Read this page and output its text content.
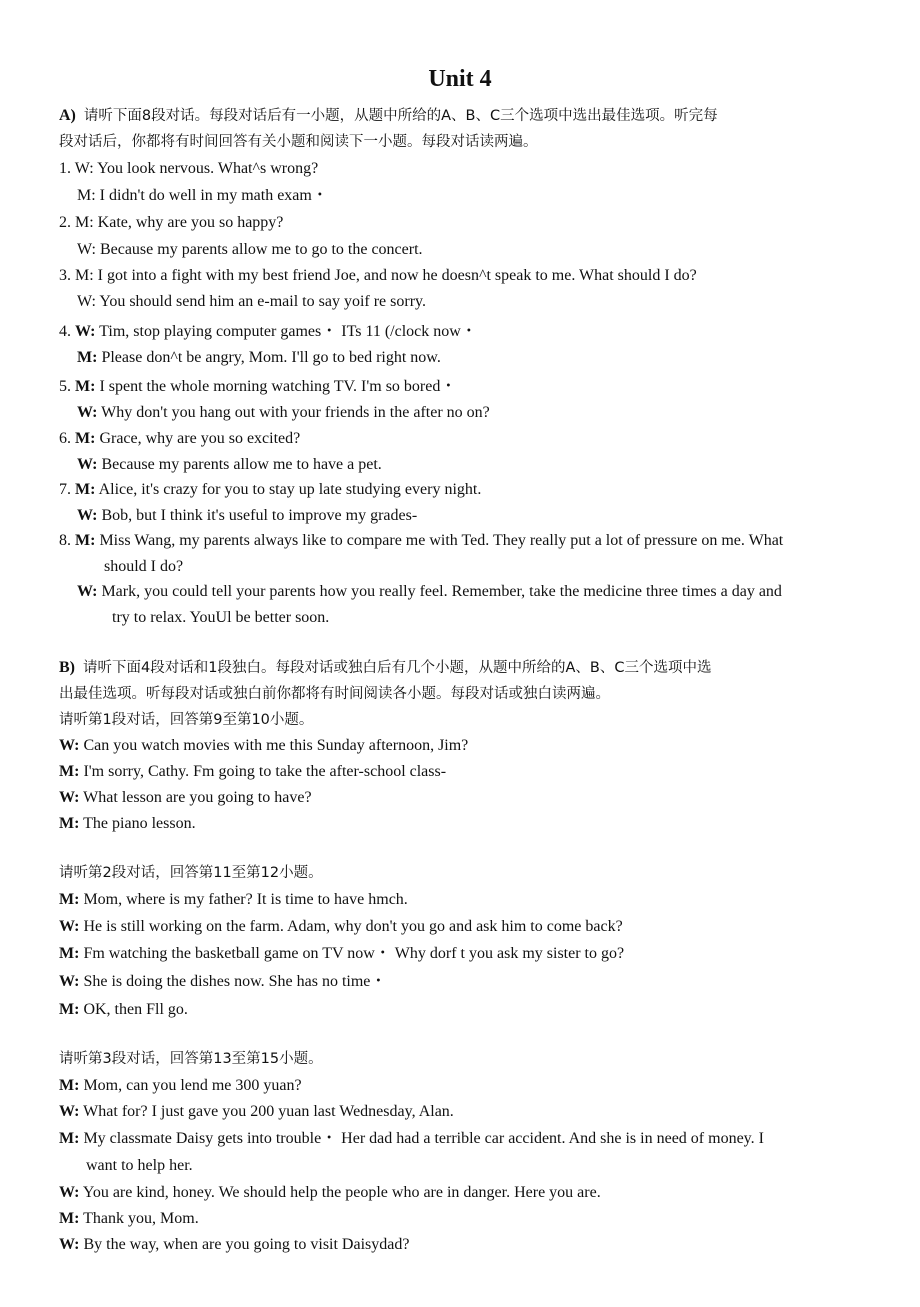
Unit 4
A) 请听下面8段对话。每段对话后有一小题，从题中所给的A、B、C三个选项中选出最佳选项。听完每
段对话后，你都将有时间回答有关小题和阅读下一小题。每段对话读两遍。
1. W: You look nervous. What^s wrong?
M: I didn't do well in my math exam・
2. M: Kate, why are you so happy?
W: Because my parents allow me to go to the concert.
3. M: I got into a fight with my best friend Joe, and now he doesn^t speak to me. What should I do?
W: You should send him an e-mail to say yoif re sorry.
4. W: Tim, stop playing computer games・ ITs 11 (/clock now・
M: Please don^t be angry, Mom. I'll go to bed right now.
5. M: I spent the whole morning watching TV. I'm so bored・
W: Why don't you hang out with your friends in the after no on?
6. M: Grace, why are you so excited?
W: Because my parents allow me to have a pet.
7. M: Alice, it's crazy for you to stay up late studying every night.
W: Bob, but I think it's useful to improve my grades-
8. M: Miss Wang, my parents always like to compare me with Ted. They really put a lot of pressure on me. What
should I do?
W: Mark, you could tell your parents how you really feel. Remember, take the medicine three times a day and
try to relax. YouUl be better soon.
B) 请听下面4段对话和1段独白。每段对话或独白后有几个小题，从题中所给的A、B、C三个选项中选
出最佳选项。听每段对话或独白前你都将有时间阅读各小题。每段对话或独白读两遍。
请听第1段对话，回答第9至第10小题。
W: Can you watch movies with me this Sunday afternoon, Jim?
M: I'm sorry, Cathy. Fm going to take the after-school class-
W: What lesson are you going to have?
M: The piano lesson.
请听第2段对话，回答第11至第12小题。
M: Mom, where is my father? It is time to have hmch.
W: He is still working on the farm. Adam, why don't you go and ask him to come back?
M: Fm watching the basketball game on TV now・ Why dorf t you ask my sister to go?
W: She is doing the dishes now. She has no time・
M: OK, then Fll go.
请听第3段对话，回答第13至第15小题。
M: Mom, can you lend me 300 yuan?
W: What for? I just gave you 200 yuan last Wednesday, Alan.
M: My classmate Daisy gets into trouble・ Her dad had a terrible car accident. And she is in need of money. I
want to help her.
W: You are kind, honey. We should help the people who are in danger. Here you are.
M: Thank you, Mom.
W: By the way, when are you going to visit Daisydad?
